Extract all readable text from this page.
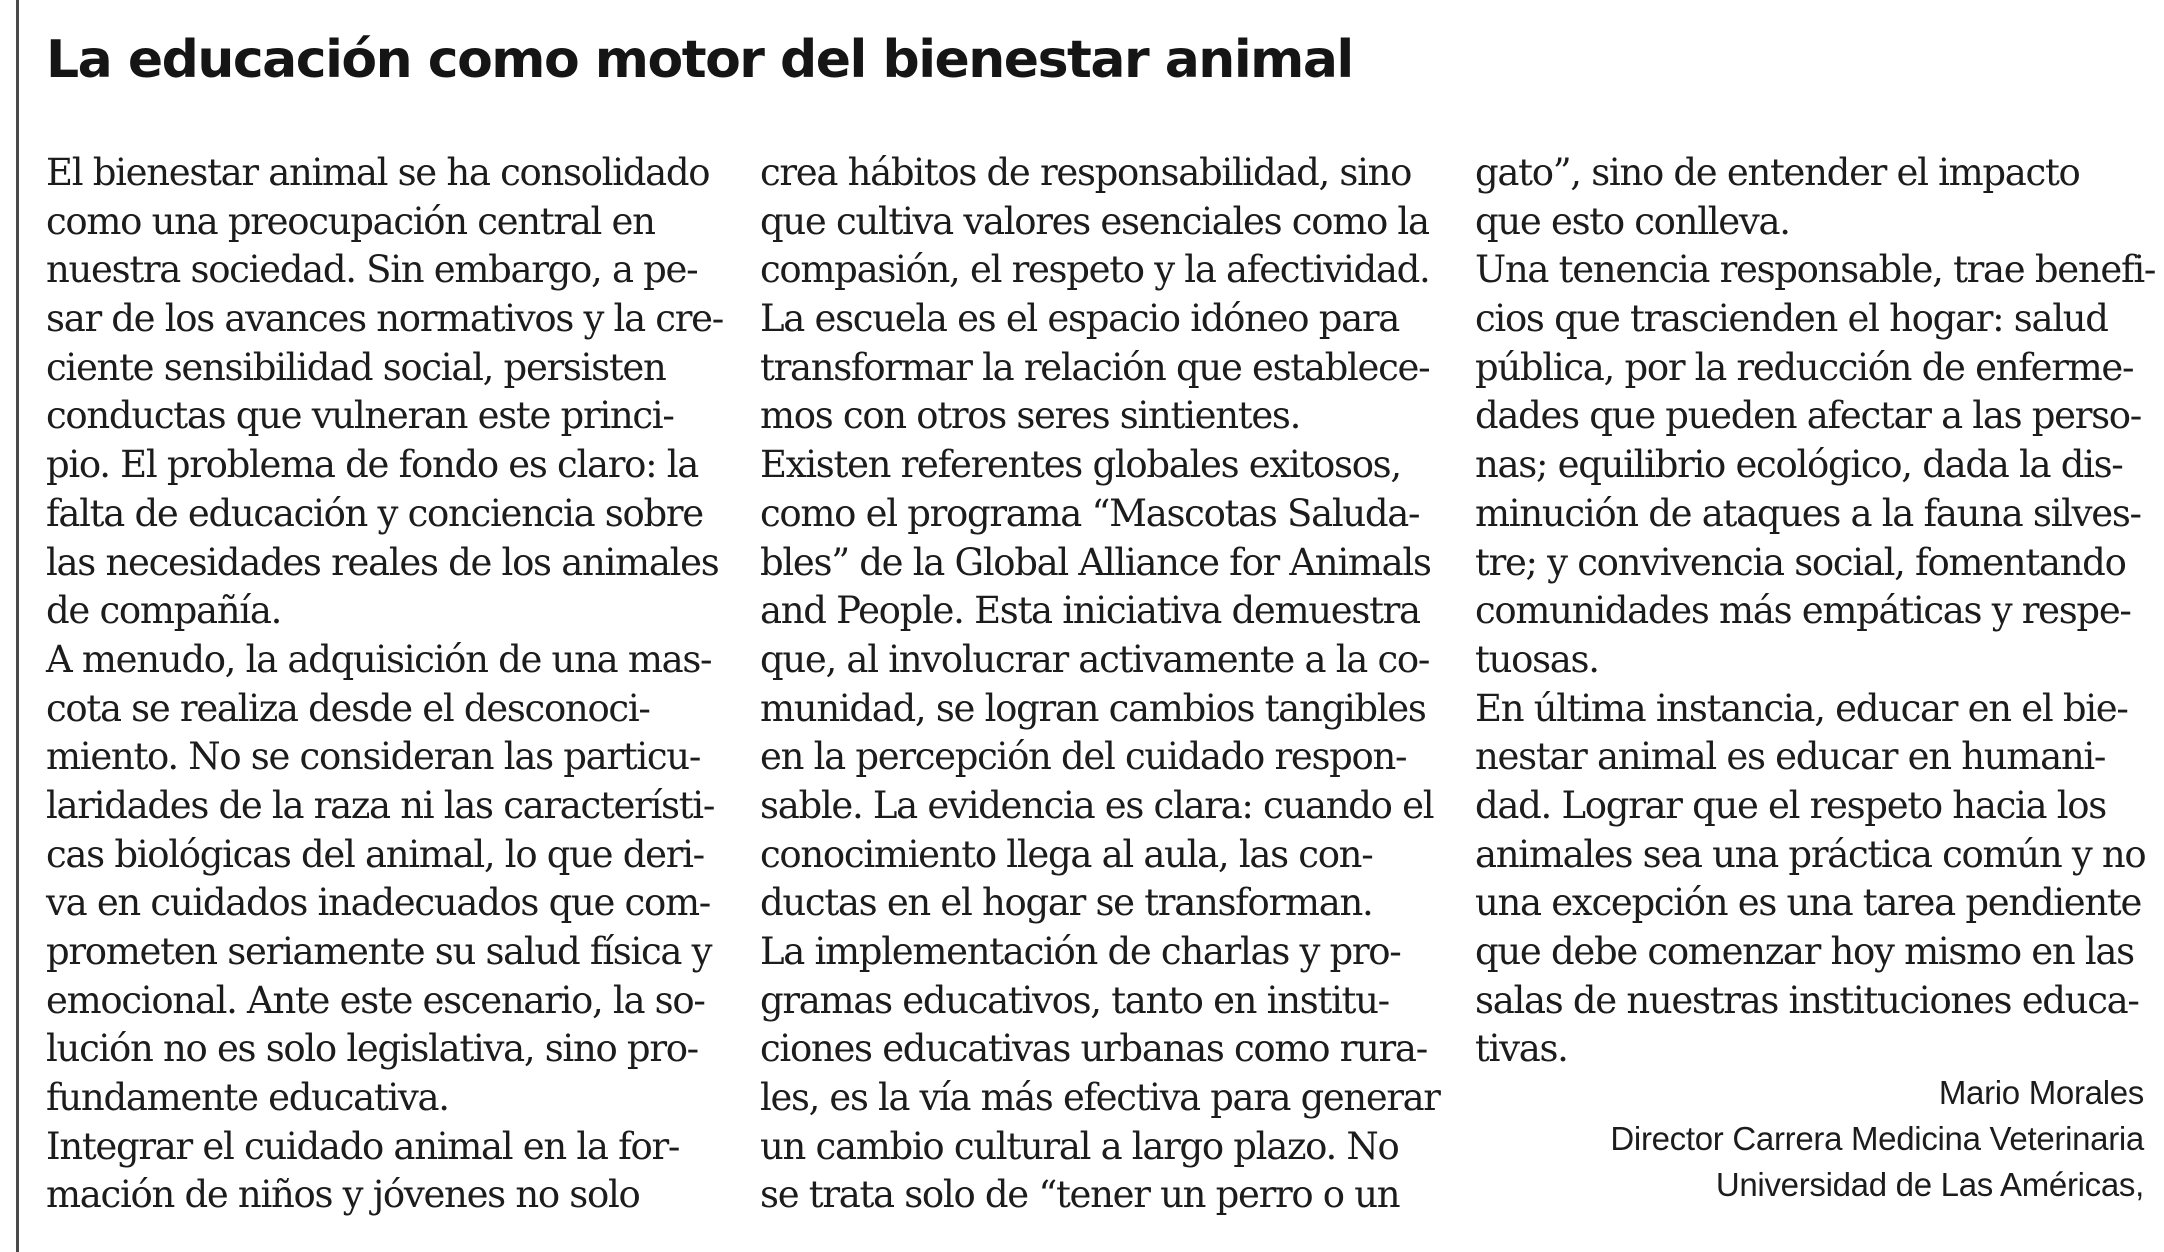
La educación como motor del bienestar animal
El bienestar animal se ha consolidado
como una preocupación central en
nuestra sociedad. Sin embargo, a pe-
sar de los avances normativos y la cre-
ciente sensibilidad social, persisten
conductas que vulneran este princi-
pio. El problema de fondo es claro: la
falta de educación y conciencia sobre
las necesidades reales de los animales
de compañía.
A menudo, la adquisición de una mas-
cota se realiza desde el desconoci-
miento. No se consideran las particu-
laridades de la raza ni las característi-
cas biológicas del animal, lo que deri-
va en cuidados inadecuados que com-
prometen seriamente su salud física y
emocional. Ante este escenario, la so-
lución no es solo legislativa, sino pro-
fundamente educativa.
Integrar el cuidado animal en la for-
mación de niños y jóvenes no solo
crea hábitos de responsabilidad, sino
que cultiva valores esenciales como la
compasión, el respeto y la afectividad.
La escuela es el espacio idóneo para
transformar la relación que establece-
mos con otros seres sintientes.
Existen referentes globales exitosos,
como el programa “Mascotas Saluda-
bles” de la Global Alliance for Animals
and People. Esta iniciativa demuestra
que, al involucrar activamente a la co-
munidad, se logran cambios tangibles
en la percepción del cuidado respon-
sable. La evidencia es clara: cuando el
conocimiento llega al aula, las con-
ductas en el hogar se transforman.
La implementación de charlas y pro-
gramas educativos, tanto en institu-
ciones educativas urbanas como rura-
les, es la vía más efectiva para generar
un cambio cultural a largo plazo. No
se trata solo de “tener un perro o un
gato”, sino de entender el impacto
que esto conlleva.
Una tenencia responsable, trae benefi-
cios que trascienden el hogar: salud
pública, por la reducción de enferme-
dades que pueden afectar a las perso-
nas; equilibrio ecológico, dada la dis-
minución de ataques a la fauna silves-
tre; y convivencia social, fomentando
comunidades más empáticas y respe-
tuosas.
En última instancia, educar en el bie-
nestar animal es educar en humani-
dad. Lograr que el respeto hacia los
animales sea una práctica común y no
una excepción es una tarea pendiente
que debe comenzar hoy mismo en las
salas de nuestras instituciones educa-
tivas.
Mario Morales
Director Carrera Medicina Veterinaria
Universidad de Las Américas,
